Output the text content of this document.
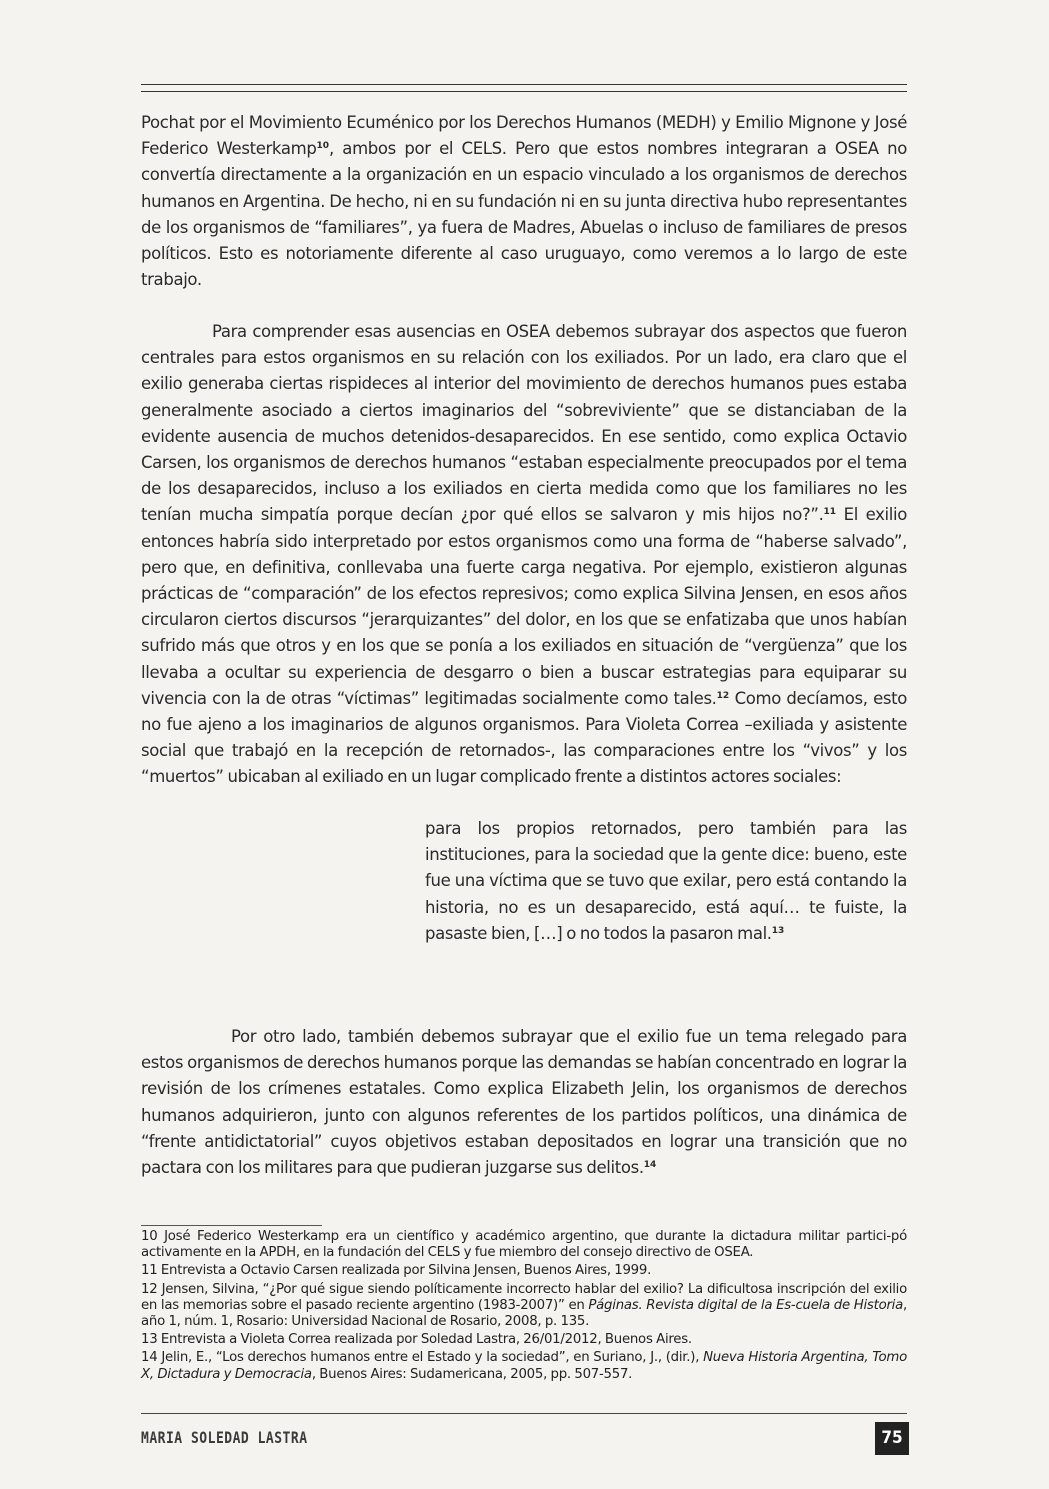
Pochat por el Movimiento Ecuménico por los Derechos Humanos (MEDH) y Emilio Mignone y José Federico Westerkamp$^{10}$, ambos por el CELS. Pero que estos nombres integraran a OSEA no convertía directamente a la organización en un espacio vinculado a los organismos de derechos humanos en Argentina. De hecho, ni en su fundación ni en su junta directiva hubo representantes de los organismos de “familiares”, ya fuera de Madres, Abuelas o incluso de familiares de presos políticos. Esto es notoriamente diferente al caso uruguayo, como veremos a lo largo de este trabajo.

Para comprender esas ausencias en OSEA debemos subrayar dos aspectos que fueron centrales para estos organismos en su relación con los exiliados. Por un lado, era claro que el exilio generaba ciertas rispideces al interior del movimiento de derechos humanos pues estaba generalmente asociado a ciertos imaginarios del “sobreviviente” que se distanciaban de la evidente ausencia de muchos detenidos-desaparecidos. En ese sentido, como explica Octavio Carsen, los organismos de derechos humanos “estaban especialmente preocupados por el tema de los desaparecidos, incluso a los exiliados en cierta medida como que los familiares no les tenían mucha simpatía porque decían ¿por qué ellos se salvaron y mis hijos no?”.$^{11}$ El exilio entonces habría sido interpretado por estos organismos como una forma de “haberse salvado”, pero que, en definitiva, conllevaba una fuerte carga negativa. Por ejemplo, existieron algunas prácticas de “comparación” de los efectos represivos; como explica Silvina Jensen, en esos años circularon ciertos discursos “jerarquizantes” del dolor, en los que se enfatizaba que unos habían sufrido más que otros y en los que se ponía a los exiliados en situación de “vergüenza” que los llevaba a ocultar su experiencia de desgarro o bien a buscar estrategias para equiparar su vivencia con la de otras “víctimas” legitimadas socialmente como tales.$^{12}$ Como decíamos, esto no fue ajeno a los imaginarios de algunos organismos. Para Violeta Correa –exiliada y asistente social que trabajó en la recepción de retornados-, las comparaciones entre los “vivos” y los “muertos” ubicaban al exiliado en un lugar complicado frente a distintos actores sociales:

para los propios retornados, pero también para las instituciones, para la sociedad que la gente dice: bueno, este fue una víctima que se tuvo que exilar, pero está contando la historia, no es un desaparecido, está aquí… te fuiste, la pasaste bien, […] o no todos la pasaron mal.$^{13}$

Por otro lado, también debemos subrayar que el exilio fue un tema relegado para estos organismos de derechos humanos porque las demandas se habían concentrado en lograr la revisión de los crímenes estatales. Como explica Elizabeth Jelin, los organismos de derechos humanos adquirieron, junto con algunos referentes de los partidos políticos, una dinámica de “frente antidictatorial” cuyos objetivos estaban depositados en lograr una transición que no pactara con los militares para que pudieran juzgarse sus delitos.$^{14}$

10 José Federico Westerkamp era un científico y académico argentino, que durante la dictadura militar partici-pó activamente en la APDH, en la fundación del CELS y fue miembro del consejo directivo de OSEA.

11 Entrevista a Octavio Carsen realizada por Silvina Jensen, Buenos Aires, 1999.

12 Jensen, Silvina, “¿Por qué sigue siendo políticamente incorrecto hablar del exilio? La dificultosa inscripción del exilio en las memorias sobre el pasado reciente argentino (1983-2007)” en Páginas. Revista digital de la Es-cuela de Historia, año 1, núm. 1, Rosario: Universidad Nacional de Rosario, 2008, p. 135.

13 Entrevista a Violeta Correa realizada por Soledad Lastra, 26/01/2012, Buenos Aires.

14 Jelin, E., “Los derechos humanos entre el Estado y la sociedad”, en Suriano, J., (dir.), Nueva Historia Argentina, Tomo X, Dictadura y Democracia, Buenos Aires: Sudamericana, 2005, pp. 507-557.

MARIA SOLEDAD LASTRA	75
